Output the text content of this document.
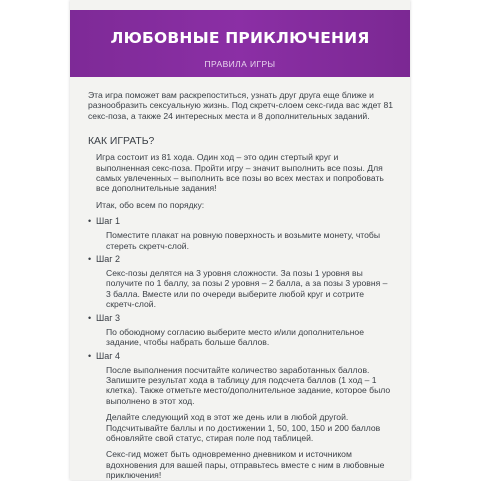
ЛЮБОВНЫЕ ПРИКЛЮЧЕНИЯ
ПРАВИЛА ИГРЫ

Эта игра поможет вам раскрепоститься, узнать друг друга еще ближе и разнообразить сексуальную жизнь. Под скретч-слоем секс-гида вас ждет 81 секс-поза, а также 24 интересных места и 8 дополнительных заданий.

КАК ИГРАТЬ?

Игра состоит из 81 хода. Один ход – это один стертый круг и выполненная секс-поза. Пройти игру – значит выполнить все позы. Для самых увлеченных – выполнить все позы во всех местах и попробовать все дополнительные задания!

Итак, обо всем по порядку:

• Шаг 1

Поместите плакат на ровную поверхность и возьмите монету, чтобы стереть скретч-слой.

• Шаг 2

Секс-позы делятся на 3 уровня сложности. За позы 1 уровня вы получите по 1 баллу, за позы 2 уровня – 2 балла, а за позы 3 уровня – 3 балла. Вместе или по очереди выберите любой круг и сотрите скретч-слой.

• Шаг 3

По обоюдному согласию выберите место и/или дополнительное задание, чтобы набрать больше баллов.

• Шаг 4

После выполнения посчитайте количество заработанных баллов. Запишите результат хода в таблицу для подсчета баллов (1 ход – 1 клетка). Также отметьте место/дополнительное задание, которое было выполнено в этот ход.

Делайте следующий ход в этот же день или в любой другой. Подсчитывайте баллы и по достижении 1, 50, 100, 150 и 200 баллов обновляйте свой статус, стирая поле под таблицей.

Секс-гид может быть одновременно дневником и источником вдохновения для вашей пары, отправьтесь вместе с ним в любовные приключения!
